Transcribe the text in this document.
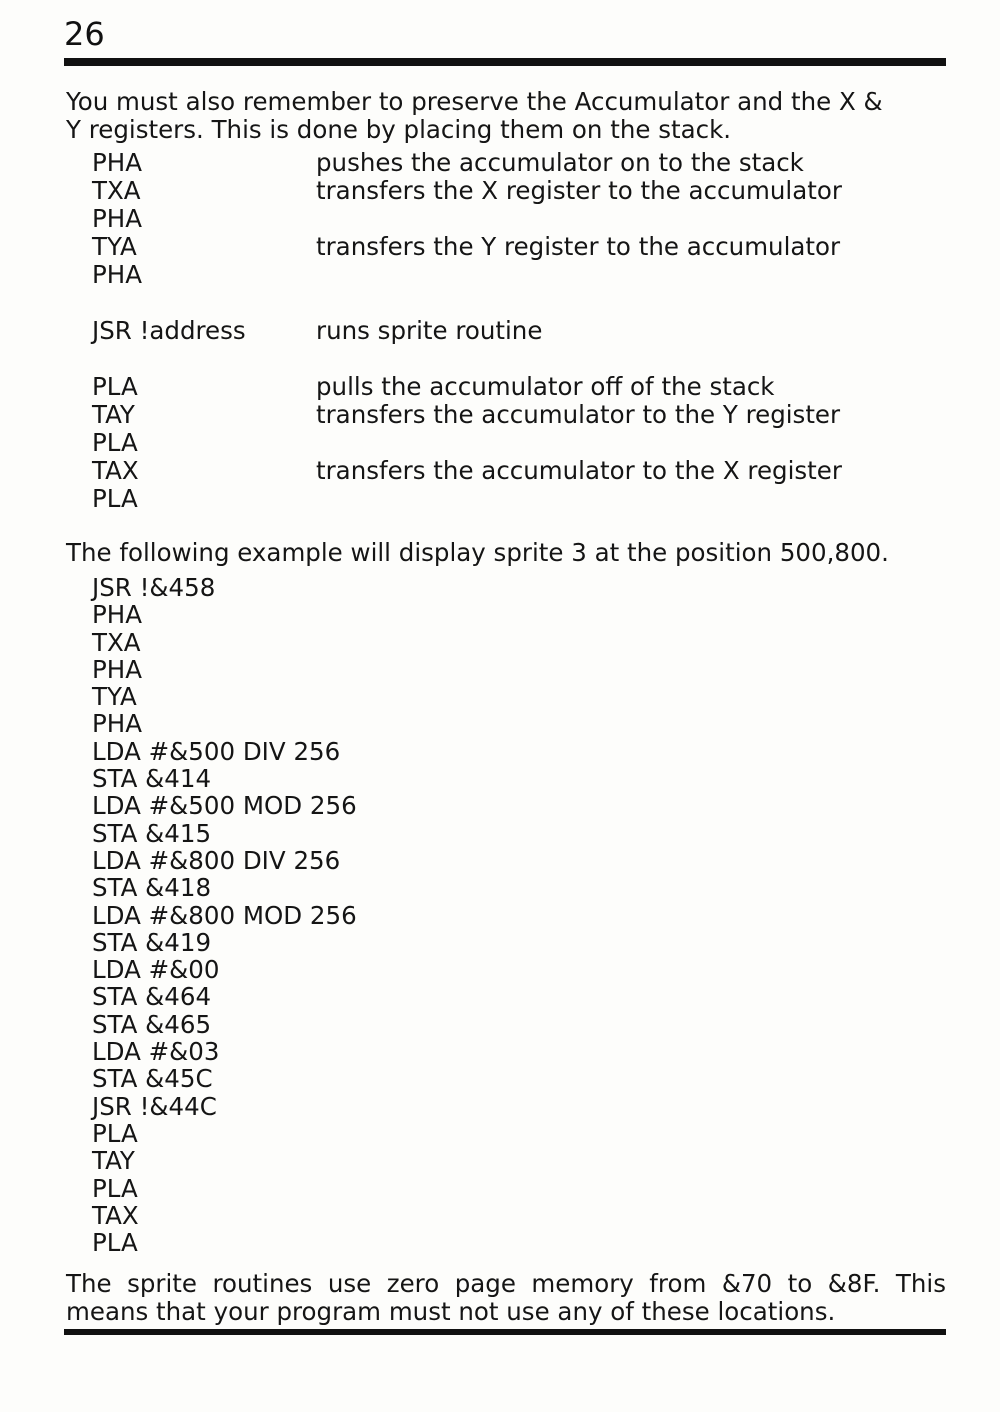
26

You must also remember to preserve the Accumulator and the X &
Y registers. This is done by placing them on the stack.

PHA	pushes the accumulator on to the stack
TXA	transfers the X register to the accumulator
PHA
TYA	transfers the Y register to the accumulator
PHA
JSR !address	runs sprite routine
PLA	pulls the accumulator off of the stack
TAY	transfers the accumulator to the Y register
PLA
TAX	transfers the accumulator to the X register
PLA

The following example will display sprite 3 at the position 500,800.

JSR !&458
PHA
TXA
PHA
TYA
PHA
LDA #&500 DIV 256
STA &414
LDA #&500 MOD 256
STA &415
LDA #&800 DIV 256
STA &418
LDA #&800 MOD 256
STA &419
LDA #&00
STA &464
STA &465
LDA #&03
STA &45C
JSR !&44C
PLA
TAY
PLA
TAX
PLA

The sprite routines use zero page memory from &70 to &8F. This
means that your program must not use any of these locations.
